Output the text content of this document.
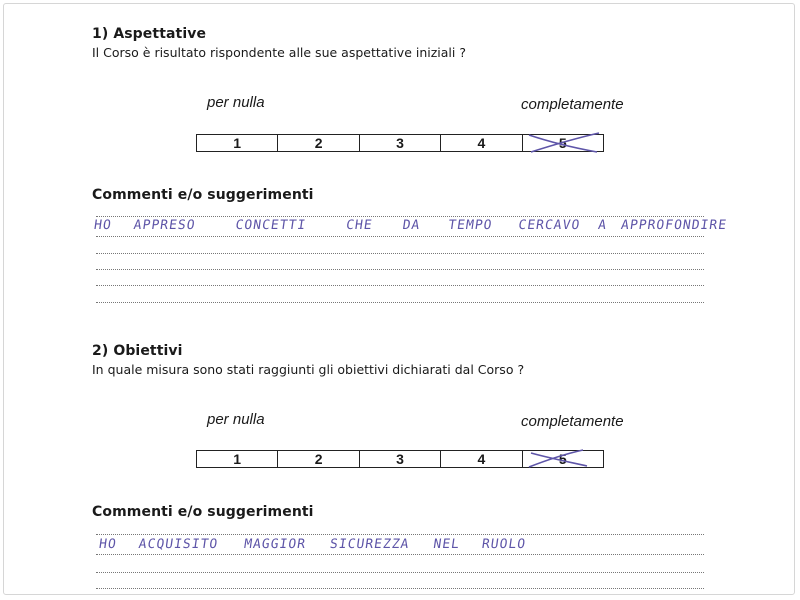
1) Aspettative
Il Corso è risultato rispondente alle sue aspettative iniziali ?
per nulla	completamente
1	2	3	4	5
Commenti e/o suggerimenti
HO APPRESO	CONCETTI	CHE DA TEMPO CERCAVO A APPROFONDIRE
2) Obiettivi
In quale misura sono stati raggiunti gli obiettivi dichiarati dal Corso ?
per nulla	completamente
1	2	3	4	5
Commenti e/o suggerimenti
HO ACQUISITO MAGGIOR SICUREZZA NEL RUOLO
